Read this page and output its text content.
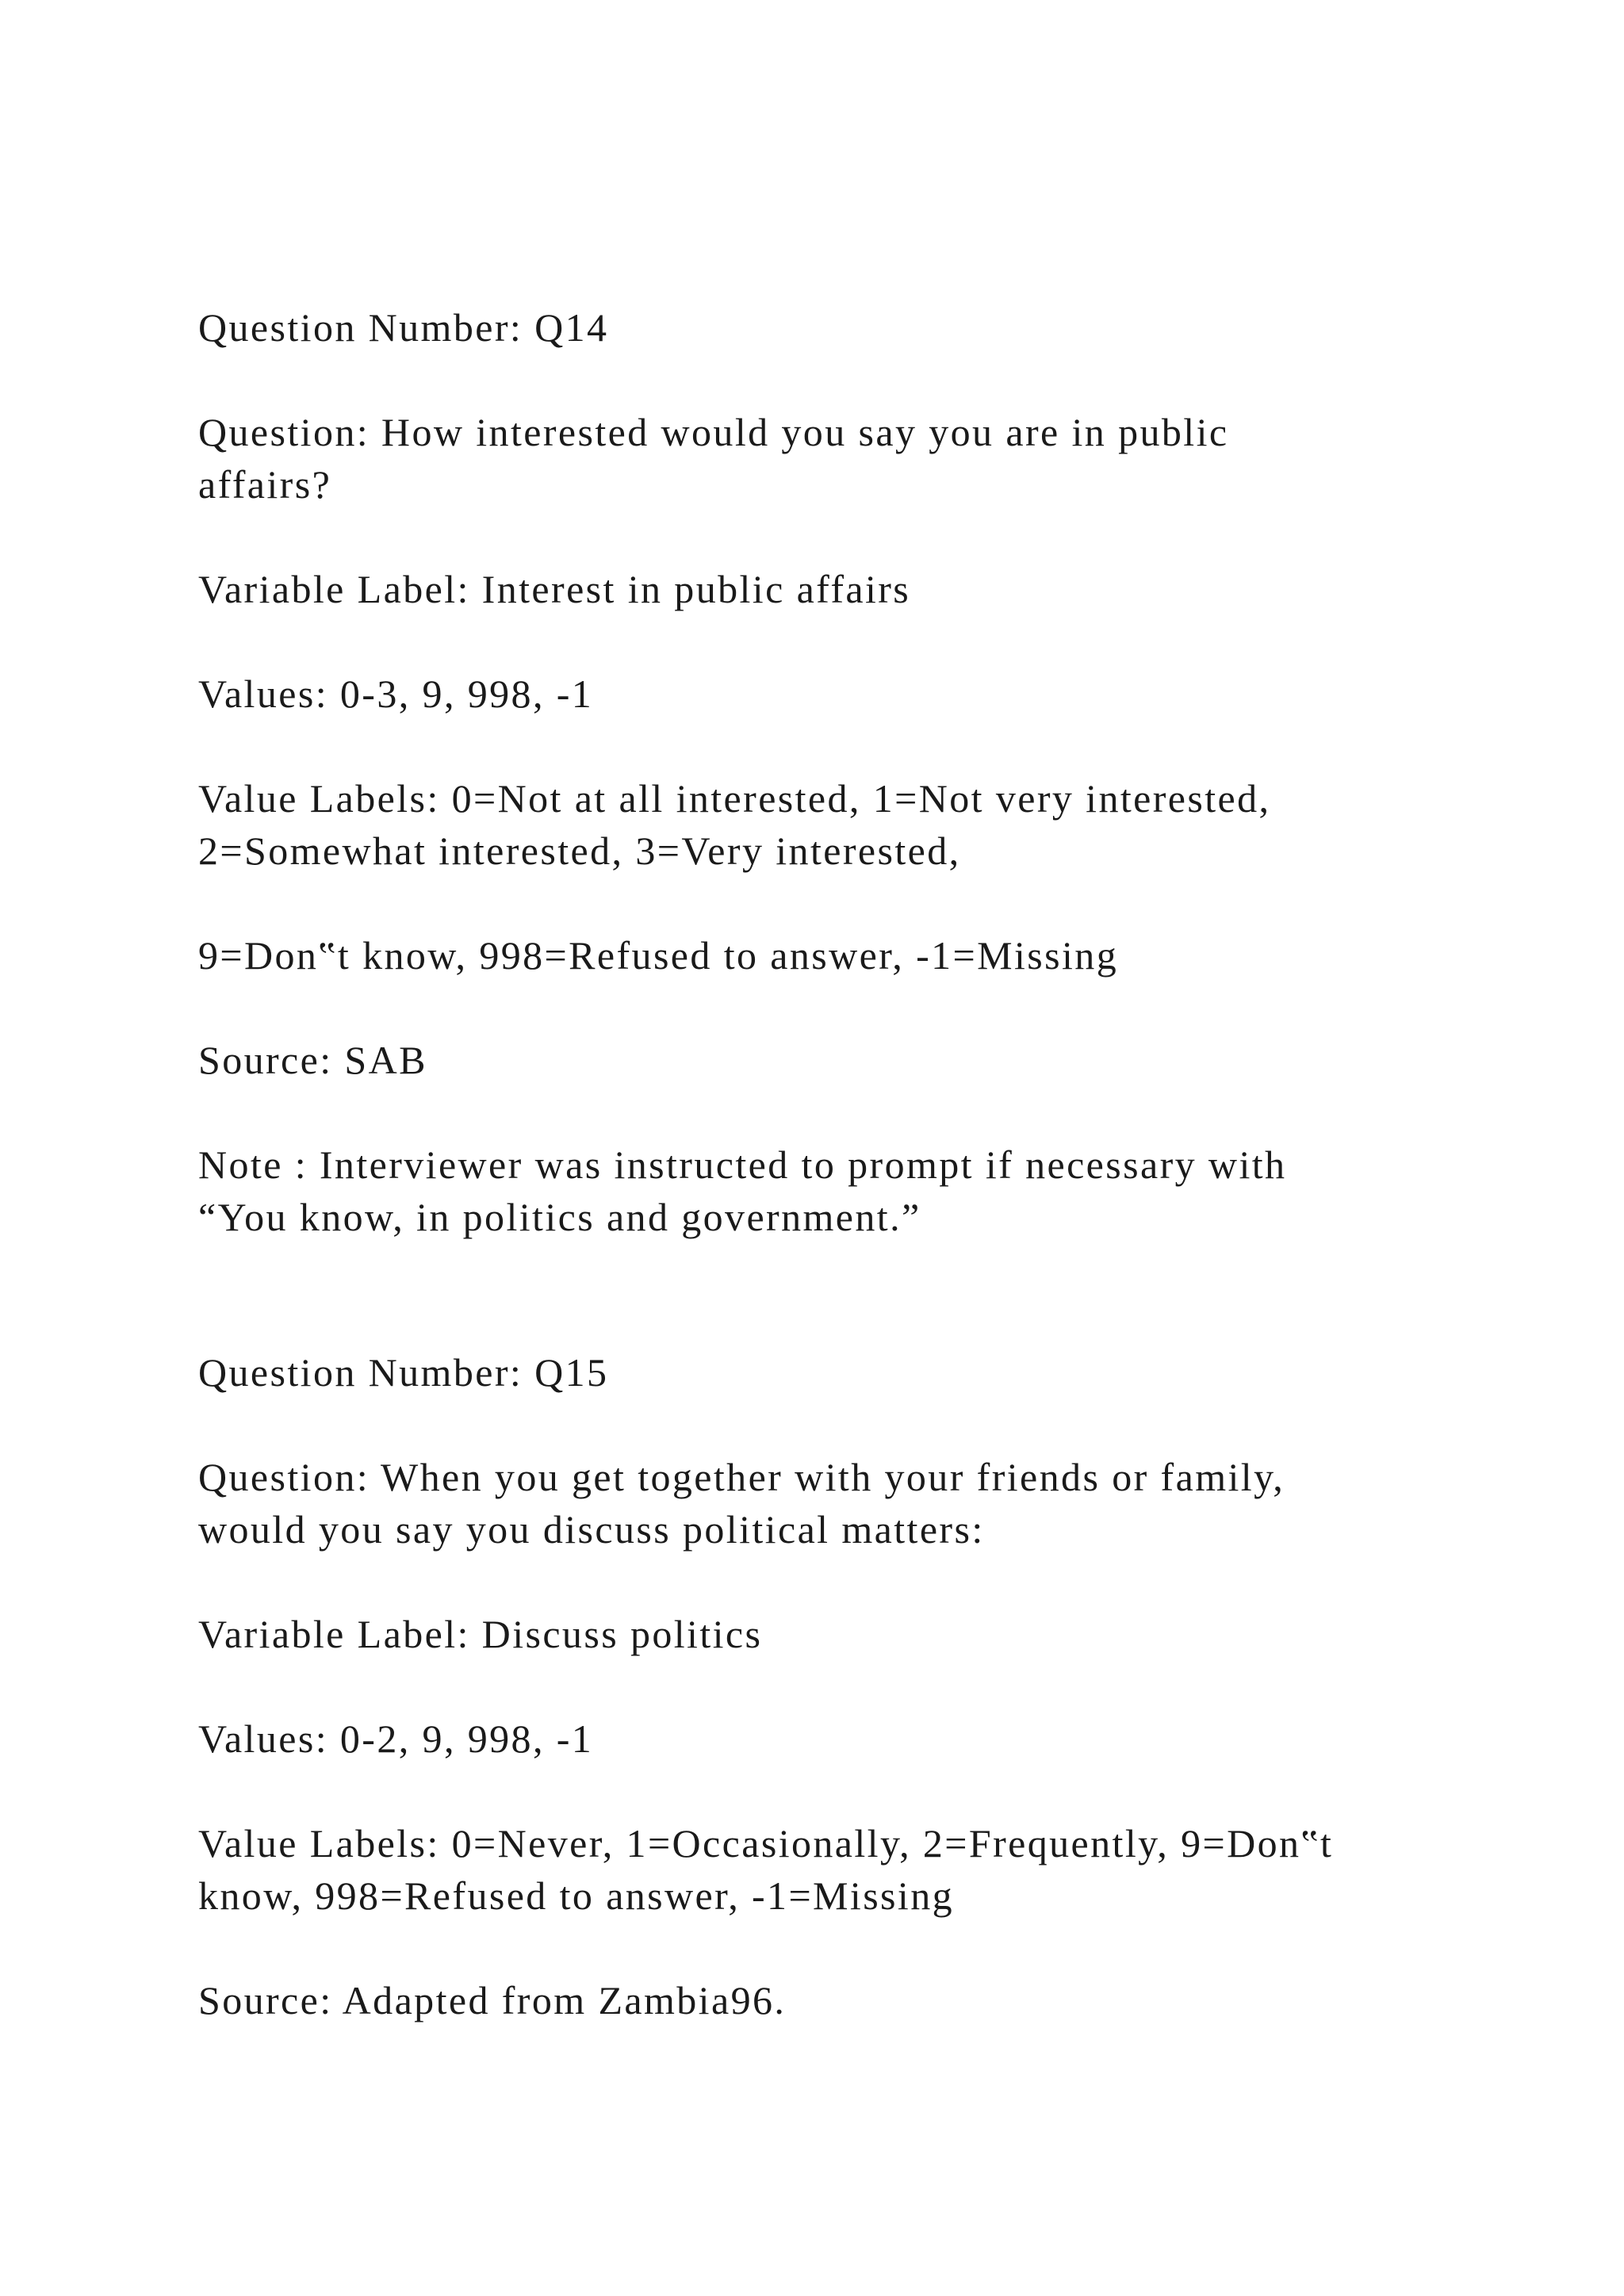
Question Number: Q14

Question: How interested would you say you are in public

affairs?

Variable Label: Interest in public affairs

Values: 0-3, 9, 998, -1

Value Labels: 0=Not at all interested, 1=Not very interested,

2=Somewhat interested, 3=Very interested,

9=Don‟t know, 998=Refused to answer, -1=Missing

Source: SAB

Note : Interviewer was instructed to prompt if necessary with

“You know, in politics and government.”

Question Number: Q15

Question: When you get together with your friends or family,

would you say you discuss political matters:

Variable Label: Discuss politics

Values: 0-2, 9, 998, -1

Value Labels: 0=Never, 1=Occasionally, 2=Frequently, 9=Don‟t

know, 998=Refused to answer, -1=Missing

Source: Adapted from Zambia96.
